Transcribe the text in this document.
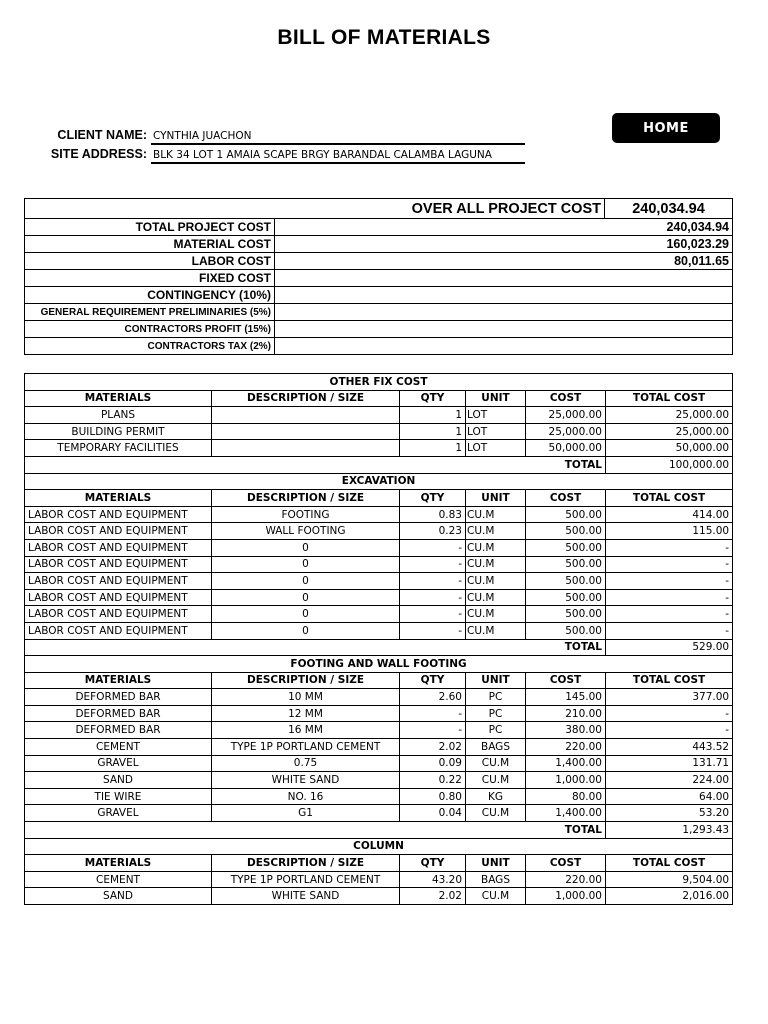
BILL OF MATERIALS
CLIENT NAME: CYNTHIA JUACHON
SITE ADDRESS: BLK 34 LOT 1 AMAIA SCAPE BRGY BARANDAL CALAMBA LAGUNA
HOME
OVER ALL PROJECT COST		240,034.94
TOTAL PROJECT COST	240,034.94	
MATERIAL COST	160,023.29	
LABOR COST	80,011.65	
FIXED COST		
CONTINGENCY (10%)		
GENERAL REQUIREMENT PRELIMINARIES (5%)		
CONTRACTORS PROFIT (15%)		
CONTRACTORS TAX (2%)		
OTHER FIX COST					
MATERIALS	DESCRIPTION / SIZE	QTY	UNIT	COST	TOTAL COST
PLANS		1	LOT	25,000.00	25,000.00
BUILDING PERMIT		1	LOT	25,000.00	25,000.00
TEMPORARY FACILITIES		1	LOT	50,000.00	50,000.00
TOTAL					100,000.00
EXCAVATION					
MATERIALS	DESCRIPTION / SIZE	QTY	UNIT	COST	TOTAL COST
LABOR COST AND EQUIPMENT	FOOTING	0.83	CU.M	500.00	414.00
LABOR COST AND EQUIPMENT	WALL FOOTING	0.23	CU.M	500.00	115.00
LABOR COST AND EQUIPMENT	0	-	CU.M	500.00	-
LABOR COST AND EQUIPMENT	0	-	CU.M	500.00	-
LABOR COST AND EQUIPMENT	0	-	CU.M	500.00	-
LABOR COST AND EQUIPMENT	0	-	CU.M	500.00	-
LABOR COST AND EQUIPMENT	0	-	CU.M	500.00	-
LABOR COST AND EQUIPMENT	0	-	CU.M	500.00	-
TOTAL					529.00
FOOTING AND WALL FOOTING					
MATERIALS	DESCRIPTION / SIZE	QTY	UNIT	COST	TOTAL COST
DEFORMED BAR	10 MM	2.60	PC	145.00	377.00
DEFORMED BAR	12 MM	-	PC	210.00	-
DEFORMED BAR	16 MM	-	PC	380.00	-
CEMENT	TYPE 1P PORTLAND CEMENT	2.02	BAGS	220.00	443.52
GRAVEL	0.75	0.09	CU.M	1,400.00	131.71
SAND	WHITE SAND	0.22	CU.M	1,000.00	224.00
TIE WIRE	NO. 16	0.80	KG	80.00	64.00
GRAVEL	G1	0.04	CU.M	1,400.00	53.20
TOTAL					1,293.43
COLUMN					
MATERIALS	DESCRIPTION / SIZE	QTY	UNIT	COST	TOTAL COST
CEMENT	TYPE 1P PORTLAND CEMENT	43.20	BAGS	220.00	9,504.00
SAND	WHITE SAND	2.02	CU.M	1,000.00	2,016.00
